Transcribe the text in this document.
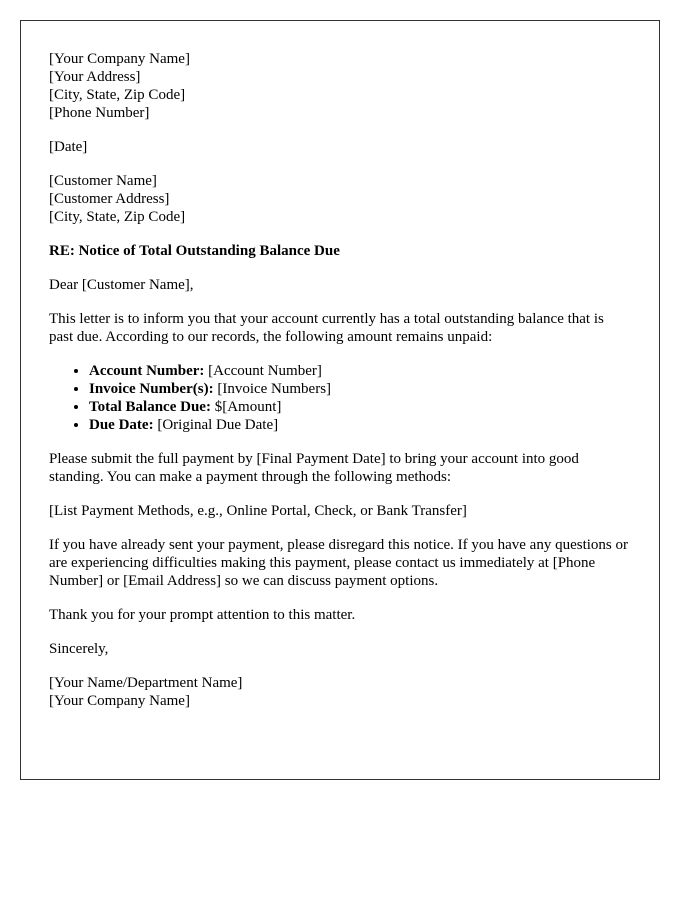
[Your Company Name]
[Your Address]
[City, State, Zip Code]
[Phone Number]
[Date]
[Customer Name]
[Customer Address]
[City, State, Zip Code]
RE: Notice of Total Outstanding Balance Due
Dear [Customer Name],
This letter is to inform you that your account currently has a total outstanding balance that is past due. According to our records, the following amount remains unpaid:
• Account Number: [Account Number]
• Invoice Number(s): [Invoice Numbers]
• Total Balance Due: $[Amount]
• Due Date: [Original Due Date]
Please submit the full payment by [Final Payment Date] to bring your account into good standing. You can make a payment through the following methods:
[List Payment Methods, e.g., Online Portal, Check, or Bank Transfer]
If you have already sent your payment, please disregard this notice. If you have any questions or are experiencing difficulties making this payment, please contact us immediately at [Phone Number] or [Email Address] so we can discuss payment options.
Thank you for your prompt attention to this matter.
Sincerely,
[Your Name/Department Name]
[Your Company Name]
